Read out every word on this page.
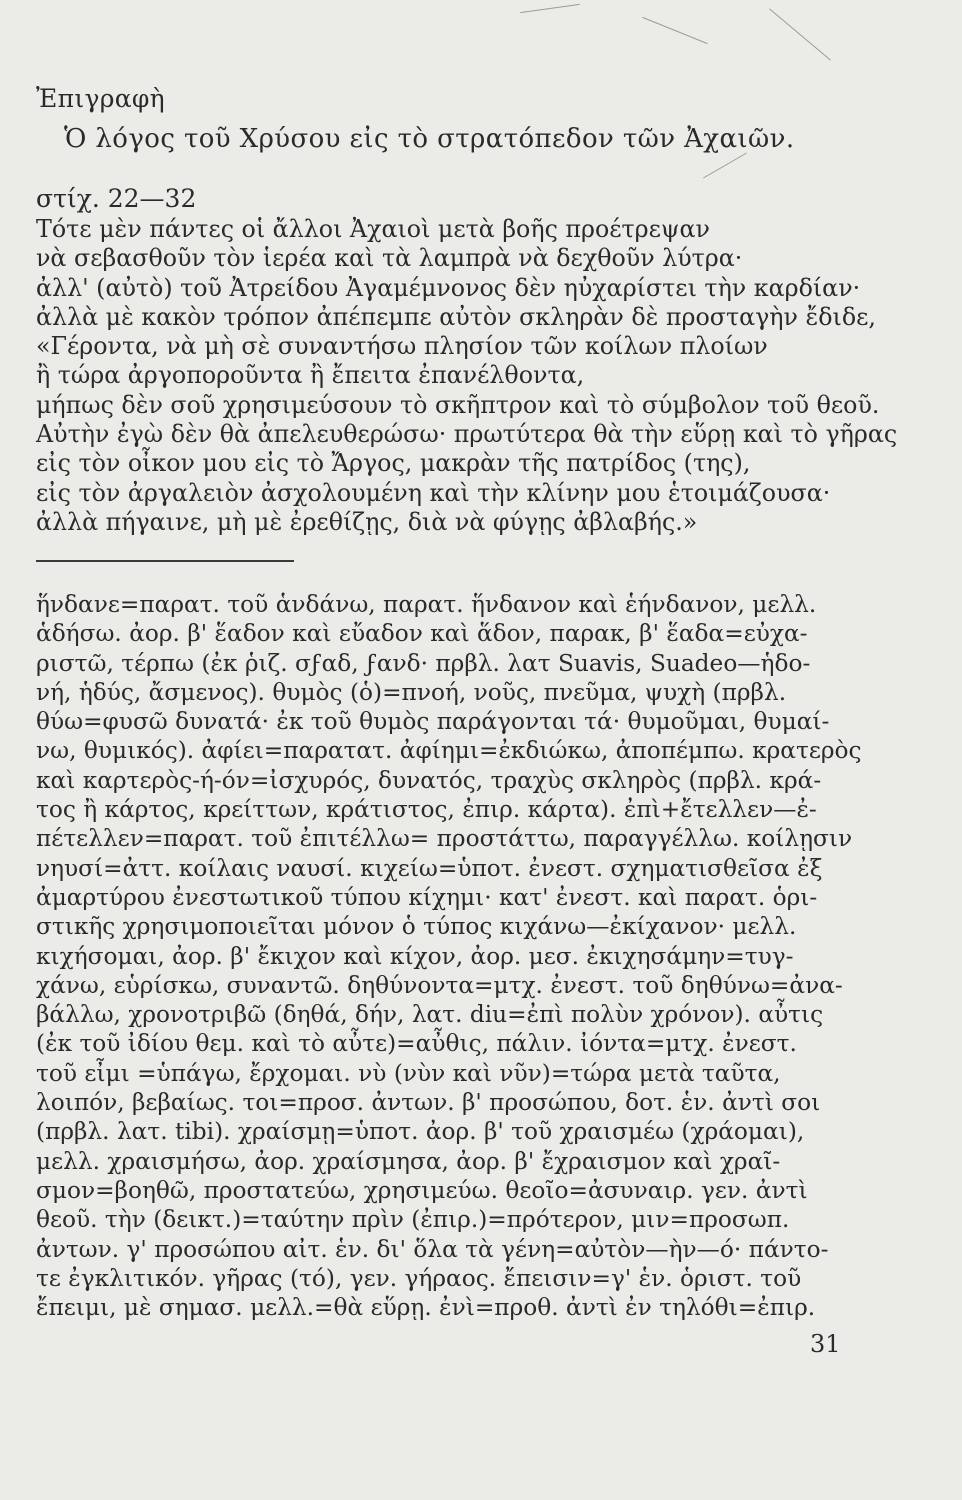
Ἐπιγραφὴ
Ὁ λόγος τοῦ Χρύσου εἰς τὸ στρατόπεδον τῶν Ἀχαιῶν.
στίχ. 22—32
Τότε μὲν πάντες οἱ ἄλλοι Ἀχαιοὶ μετὰ βοῆς προέτρεψαν
νὰ σεβασθοῦν τὸν ἱερέα καὶ τὰ λαμπρὰ νὰ δεχθοῦν λύτρα·
ἀλλ' (αὐτὸ) τοῦ Ἀτρείδου Ἀγαμέμνονος δὲν ηὐχαρίστει τὴν καρδίαν·
ἀλλὰ μὲ κακὸν τρόπον ἀπέπεμπε αὐτὸν σκληρὰν δὲ προσταγὴν ἔδιδε,
«Γέροντα, νὰ μὴ σὲ συναντήσω πλησίον τῶν κοίλων πλοίων
ἢ τώρα ἀργοποροῦντα ἢ ἔπειτα ἐπανέλθοντα,
μήπως δὲν σοῦ χρησιμεύσουν τὸ σκῆπτρον καὶ τὸ σύμβολον τοῦ θεοῦ.
Αὐτὴν ἐγὼ δὲν θὰ ἀπελευθερώσω· πρωτύτερα θὰ τὴν εὕρῃ καὶ τὸ γῆρας
εἰς τὸν οἶκον μου εἰς τὸ Ἄργος, μακρὰν τῆς πατρίδος (της),
εἰς τὸν ἀργαλειὸν ἀσχολουμένη καὶ τὴν κλίνην μου ἑτοιμάζουσα·
ἀλλὰ πήγαινε, μὴ μὲ ἐρεθίζῃς, διὰ νὰ φύγῃς ἀβλαβής.»
ἥνδανε=παρατ. τοῦ ἁνδάνω, παρατ. ἥνδανον καὶ ἑήνδανον, μελλ.
ἁδήσω. ἀορ. β' ἕαδον καὶ εὔαδον καὶ ἅδον, παρακ, β' ἕαδα=εὐχα-
ριστῶ, τέρπω (ἐκ ῥιζ. σϝαδ, ϝανδ· πρβλ. λατ Suavis, Suadeo—ἡδο-
νή, ἡδύς, ἄσμενος). θυμὸς (ὁ)=πνοή, νοῦς, πνεῦμα, ψυχὴ (πρβλ.
θύω=φυσῶ δυνατά· ἐκ τοῦ θυμὸς παράγονται τά· θυμοῦμαι, θυμαί-
νω, θυμικός). ἀφίει=παρατατ. ἀφίημι=ἐκδιώκω, ἀποπέμπω. κρατερὸς
καὶ καρτερὸς-ή-όν=ἰσχυρός, δυνατός, τραχὺς σκληρὸς (πρβλ. κρά-
τος ἢ κάρτος, κρείττων, κράτιστος, ἐπιρ. κάρτα). ἐπὶ+ἔτελλεν—ἐ-
πέτελλεν=παρατ. τοῦ ἐπιτέλλω= προστάττω, παραγγέλλω. κοίλῃσιν
νηυσί=ἀττ. κοίλαις ναυσί. κιχείω=ὑποτ. ἐνεστ. σχηματισθεῖσα ἐξ
ἀμαρτύρου ἐνεστωτικοῦ τύπου κίχημι· κατ' ἐνεστ. καὶ παρατ. ὁρι-
στικῆς χρησιμοποιεῖται μόνον ὁ τύπος κιχάνω—ἐκίχανον· μελλ.
κιχήσομαι, ἀορ. β' ἔκιχον καὶ κίχον, ἀορ. μεσ. ἐκιχησάμην=τυγ-
χάνω, εὑρίσκω, συναντῶ. δηθύνοντα=μτχ. ἐνεστ. τοῦ δηθύνω=ἀνα-
βάλλω, χρονοτριβῶ (δηθά, δήν, λατ. diu=ἐπὶ πολὺν χρόνον). αὖτις
(ἐκ τοῦ ἰδίου θεμ. καὶ τὸ αὖτε)=αὖθις, πάλιν. ἰόντα=μτχ. ἐνεστ.
τοῦ εἶμι =ὑπάγω, ἔρχομαι. νὺ (νὺν καὶ νῦν)=τώρα μετὰ ταῦτα,
λοιπόν, βεβαίως. τοι=προσ. ἀντων. β' προσώπου, δοτ. ἑν. ἀντὶ σοι
(πρβλ. λατ. tibi). χραίσμῃ=ὑποτ. ἀορ. β' τοῦ χραισμέω (χράομαι),
μελλ. χραισμήσω, ἀορ. χραίσμησα, ἀορ. β' ἔχραισμον καὶ χραῖ-
σμον=βοηθῶ, προστατεύω, χρησιμεύω. θεοῖο=ἀσυναιρ. γεν. ἀντὶ
θεοῦ. τὴν (δεικτ.)=ταύτην πρὶν (ἐπιρ.)=πρότερον, μιν=προσωπ.
ἀντων. γ' προσώπου αἰτ. ἑν. δι' ὅλα τὰ γένη=αὐτὸν—ὴν—ό· πάντο-
τε ἐγκλιτικόν. γῆρας (τό), γεν. γήραος. ἔπεισιν=γ' ἑν. ὁριστ. τοῦ
ἔπειμι, μὲ σημασ. μελλ.=θὰ εὕρῃ. ἐνὶ=προθ. ἀντὶ ἐν τηλόθι=ἐπιρ.
31
